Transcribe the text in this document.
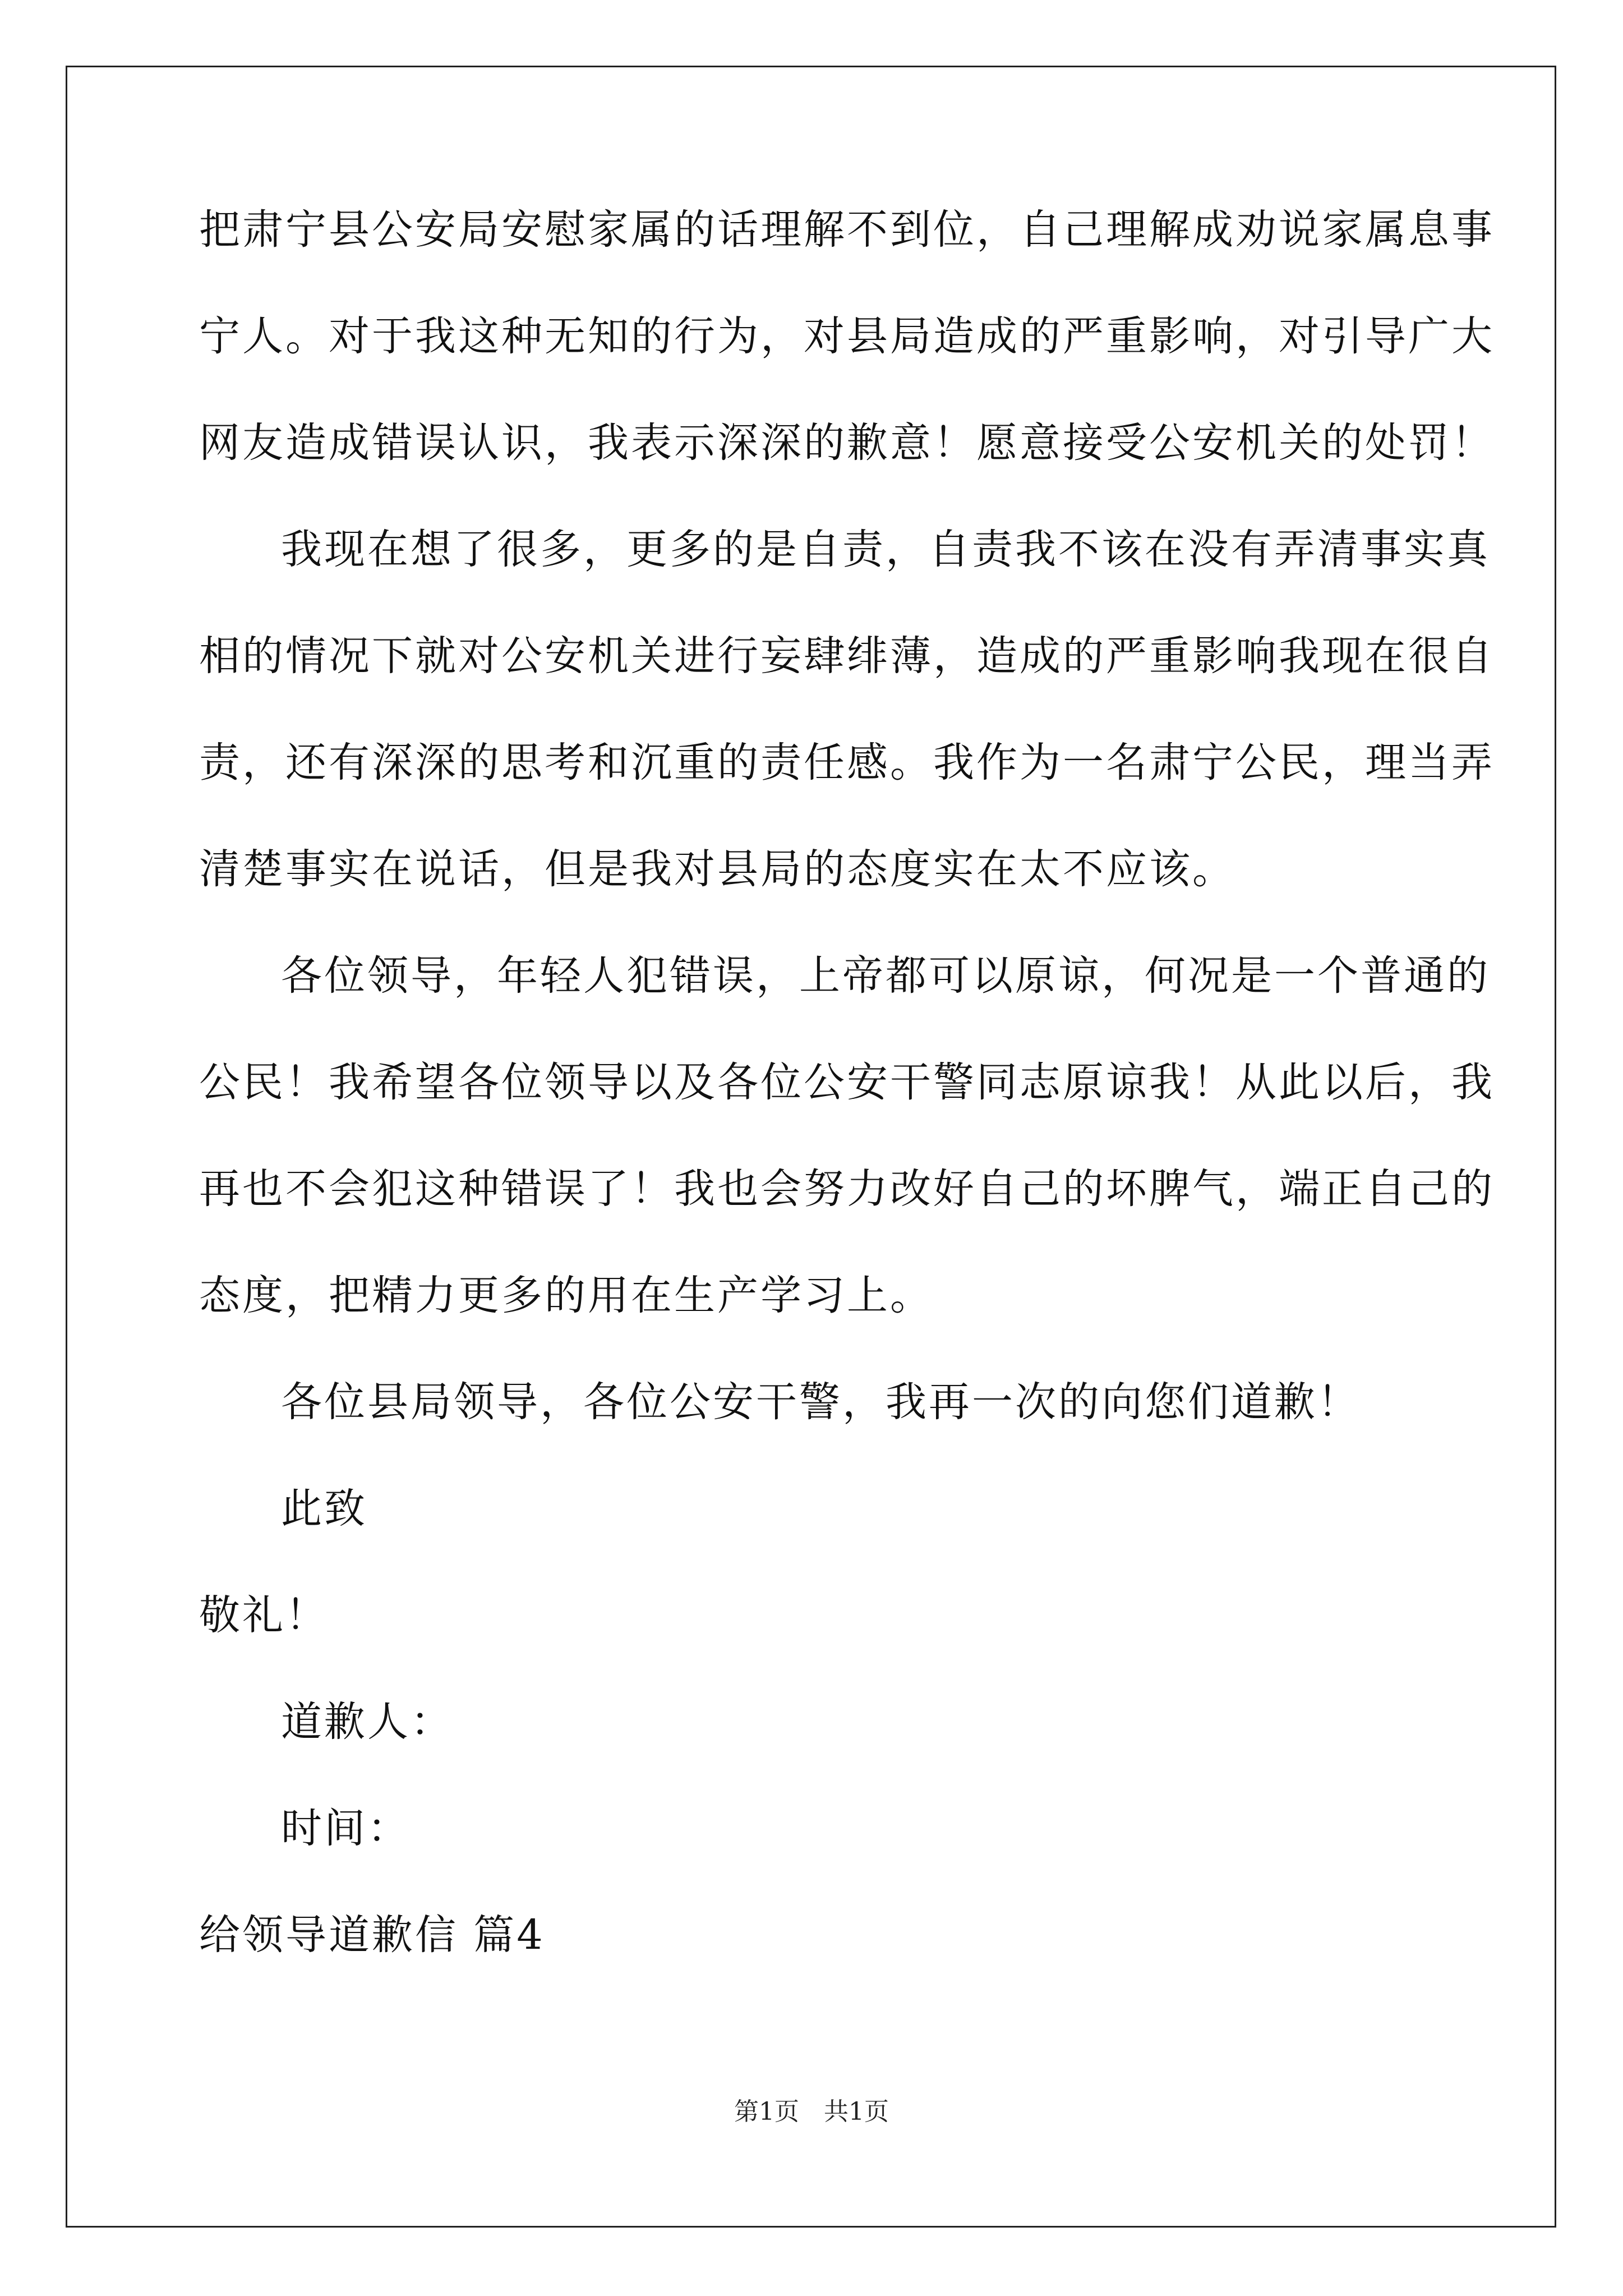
把肃宁县公安局安慰家属的话理解不到位，自己理解成劝说家属息事
宁人。对于我这种无知的行为，对县局造成的严重影响，对引导广大
网友造成错误认识，我表示深深的歉意！愿意接受公安机关的处罚！
我现在想了很多，更多的是自责，自责我不该在没有弄清事实真
相的情况下就对公安机关进行妄肆绯薄，造成的严重影响我现在很自
责，还有深深的思考和沉重的责任感。我作为一名肃宁公民，理当弄
清楚事实在说话，但是我对县局的态度实在太不应该。
各位领导，年轻人犯错误，上帝都可以原谅，何况是一个普通的
公民！我希望各位领导以及各位公安干警同志原谅我！从此以后，我
再也不会犯这种错误了！我也会努力改好自己的坏脾气，端正自己的
态度，把精力更多的用在生产学习上。
各位县局领导，各位公安干警，我再一次的向您们道歉！
此致
敬礼！
道歉人：
时间：
给领导道歉信 篇4
第1页　共1页
